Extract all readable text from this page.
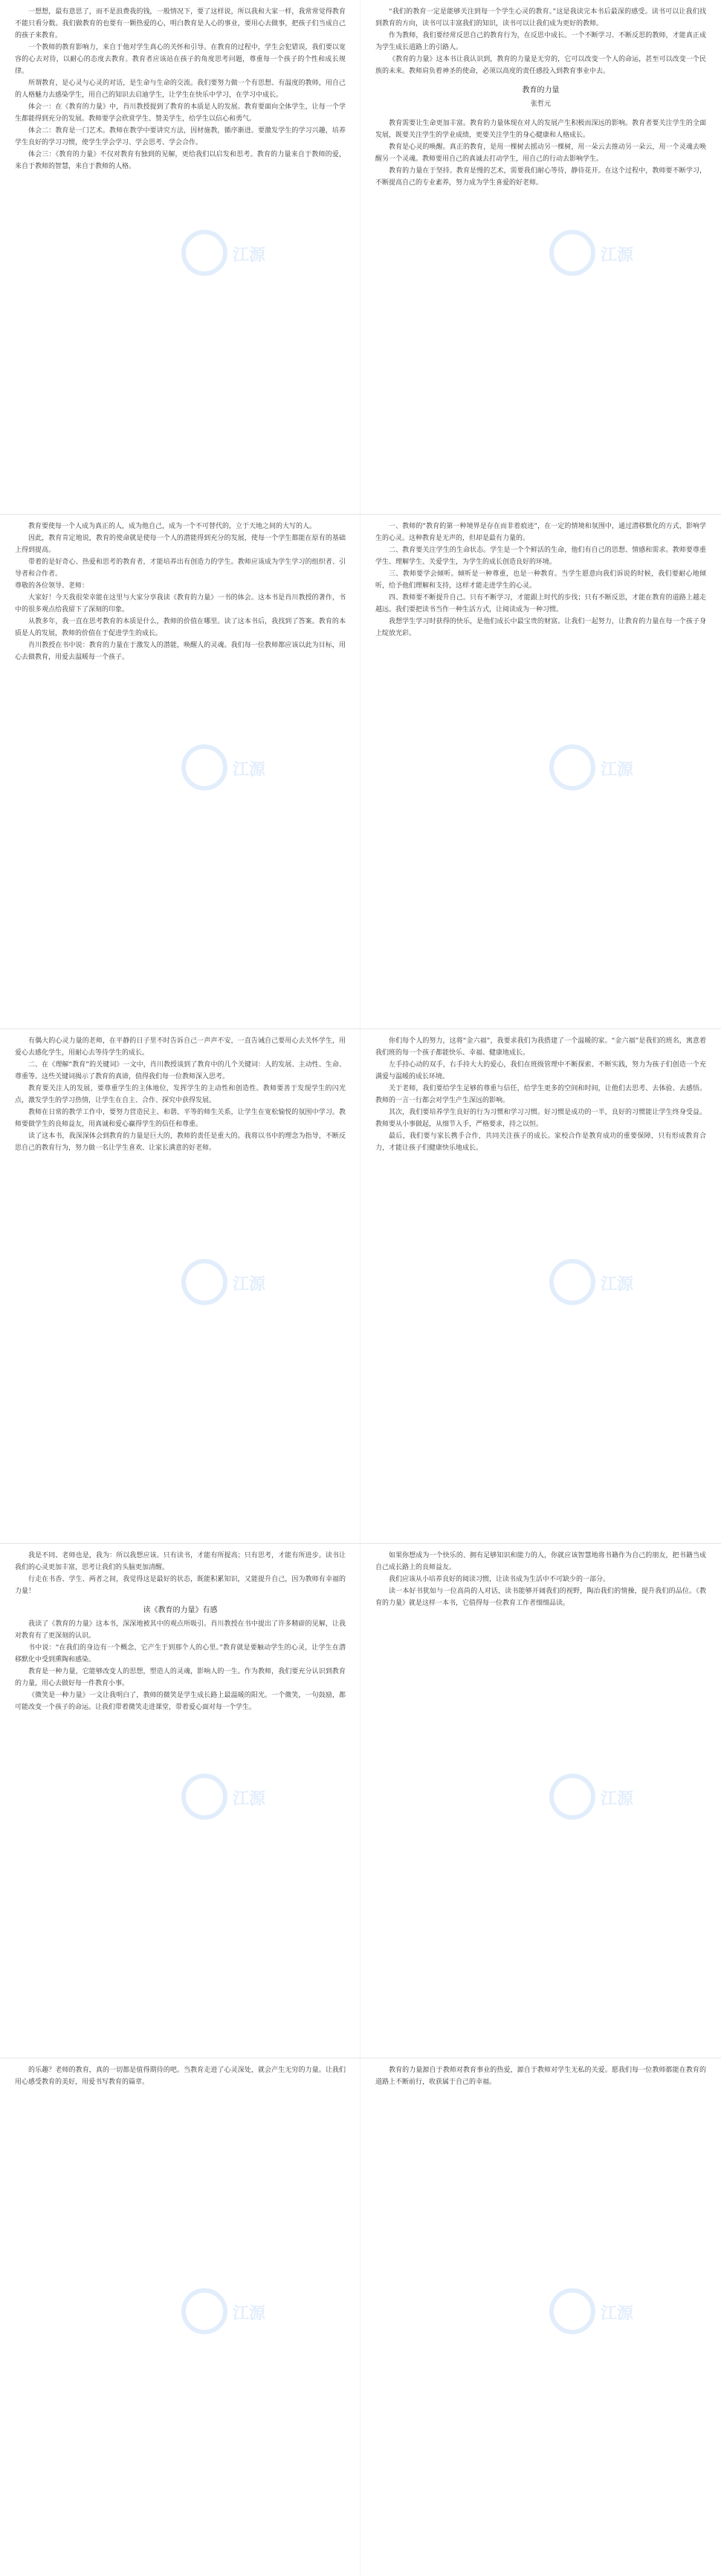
一想想，最有意思了，而不是浪费我的钱，一般情况下，要了这样说，所以我和大家一样，我常常觉得教育不能只看分数。我们做教育的也要有一颗热爱的心，明白教育是人心的事业，要用心去做事，把孩子们当成自己的孩子来教育。

一个教师的教育影响力，来自于他对学生真心的关怀和引导。在教育的过程中，学生会犯错误，我们要以宽容的心去对待，以耐心的态度去教育。教育者应该站在孩子的角度思考问题，尊重每一个孩子的个性和成长规律。

所谓教育，是心灵与心灵的对话，是生命与生命的交流。我们要努力做一个有思想、有温度的教师，用自己的人格魅力去感染学生，用自己的知识去启迪学生，让学生在快乐中学习，在学习中成长。

体会一：在《教育的力量》中，肖川教授提到了教育的本质是人的发展。教育要面向全体学生，让每一个学生都能得到充分的发展。教师要学会欣赏学生、赞美学生，给学生以信心和勇气。

体会二：教育是一门艺术。教师在教学中要讲究方法，因材施教，循序渐进。要激发学生的学习兴趣，培养学生良好的学习习惯，使学生学会学习、学会思考、学会合作。

体会三：《教育的力量》不仅对教育有独到的见解，更给我们以启发和思考。教育的力量来自于教师的爱，来自于教师的智慧，来自于教师的人格。

“我们的教育一定是能够关注到每一个学生心灵的教育。”这是我读完本书后最深的感受。读书可以让我们找到教育的方向，读书可以丰富我们的知识，读书可以让我们成为更好的教师。

作为教师，我们要经常反思自己的教育行为，在反思中成长。一个不断学习、不断反思的教师，才能真正成为学生成长道路上的引路人。

《教育的力量》这本书让我认识到，教育的力量是无穷的，它可以改变一个人的命运，甚至可以改变一个民族的未来。教师肩负着神圣的使命，必须以高度的责任感投入到教育事业中去。

教育的力量

张哲元

教育需要让生命更加丰富。教育的力量体现在对人的发展产生积极而深远的影响。教育者要关注学生的全面发展，既要关注学生的学业成绩，更要关注学生的身心健康和人格成长。

教育是心灵的唤醒。真正的教育，是用一棵树去摇动另一棵树，用一朵云去推动另一朵云，用一个灵魂去唤醒另一个灵魂。教师要用自己的真诚去打动学生，用自己的行动去影响学生。

教育的力量在于坚持。教育是慢的艺术，需要我们耐心等待，静待花开。在这个过程中，教师要不断学习，不断提高自己的专业素养，努力成为学生喜爱的好老师。

江源	江源

教育要使每一个人成为真正的人，成为他自己，成为一个不可替代的，立于天地之间的大写的人。

因此，教育肯定地说，教育的使命就是使每一个人的潜能得到充分的发展，使每一个学生都能在原有的基础上得到提高。

带着的是好奇心、热爱和思考的教育者，才能培养出有创造力的学生。教师应该成为学生学习的组织者、引导者和合作者。

尊敬的各位领导、老师：

大家好！今天我很荣幸能在这里与大家分享我读《教育的力量》一书的体会。这本书是肖川教授的著作，书中的很多观点给我留下了深刻的印象。

从教多年，我一直在思考教育的本质是什么，教师的价值在哪里。读了这本书后，我找到了答案。教育的本质是人的发展，教师的价值在于促进学生的成长。

肖川教授在书中说：教育的力量在于激发人的潜能，唤醒人的灵魂。我们每一位教师都应该以此为目标，用心去做教育，用爱去温暖每一个孩子。

一、教师的“教育的第一种境界是存在而非着痕迹”，在一定的情境和氛围中，通过潜移默化的方式，影响学生的心灵。这种教育是无声的，但却是最有力量的。

二、教育要关注学生的生命状态。学生是一个个鲜活的生命，他们有自己的思想、情感和需求。教师要尊重学生、理解学生、关爱学生，为学生的成长创造良好的环境。

三、教师要学会倾听。倾听是一种尊重，也是一种教育。当学生愿意向我们诉说的时候，我们要耐心地倾听，给予他们理解和支持，这样才能走进学生的心灵。

四、教师要不断提升自己。只有不断学习，才能跟上时代的步伐；只有不断反思，才能在教育的道路上越走越远。我们要把读书当作一种生活方式，让阅读成为一种习惯。

我想学生学习时获得的快乐，是他们成长中最宝贵的财富。让我们一起努力，让教育的力量在每一个孩子身上绽放光彩。

江源	江源

有偶大的心灵力量的老师，在平静的日子里不时告诉自己一声声不安，一直告诫自己要用心去关怀学生，用爱心去感化学生，用耐心去等待学生的成长。

二、在《理解“教育”的关键词》一文中，肖川教授谈到了教育中的几个关键词：人的发展、主动性、生命、尊重等。这些关键词揭示了教育的真谛，值得我们每一位教师深入思考。

教育要关注人的发展，要尊重学生的主体地位，发挥学生的主动性和创造性。教师要善于发现学生的闪光点，激发学生的学习热情，让学生在自主、合作、探究中获得发展。

教师在日常的教学工作中，要努力营造民主、和谐、平等的师生关系，让学生在宽松愉悦的氛围中学习。教师要做学生的良师益友，用真诚和爱心赢得学生的信任和尊重。

读了这本书，我深深体会到教育的力量是巨大的，教师的责任是重大的。我将以书中的理念为指导，不断反思自己的教育行为，努力做一名让学生喜欢、让家长满意的好老师。

你们每个人的努力，这将“金六福”，我要求我们为我搭建了一个温暖的家。“金六福”是我们的班名，寓意着我们班的每一个孩子都能快乐、幸福、健康地成长。

左手持心动的双手，右手持大大的爱心，我们在班级管理中不断探索、不断实践，努力为孩子们创造一个充满爱与温暖的成长环境。

关于老师，我们要给学生足够的尊重与信任，给学生更多的空间和时间，让他们去思考、去体验、去感悟。教师的一言一行都会对学生产生深远的影响。

其次，我们要培养学生良好的行为习惯和学习习惯。好习惯是成功的一半，良好的习惯能让学生终身受益。教师要从小事做起，从细节入手，严格要求，持之以恒。

最后，我们要与家长携手合作，共同关注孩子的成长。家校合作是教育成功的重要保障，只有形成教育合力，才能让孩子们健康快乐地成长。

江源	江源

我是不同、老师也是，我为：所以我想应该。只有读书，才能有所提高；只有思考，才能有所进步。读书让我们的心灵更加丰富，思考让我们的头脑更加清醒。

行走在书香、学生、两者之间，我觉得这是最好的状态，既能积累知识，又能提升自己，因为教师有幸福的力量！

读《教育的力量》有感

我读了《教育的力量》这本书，深深地被其中的观点所吸引。肖川教授在书中提出了许多精辟的见解，让我对教育有了更深刻的认识。

书中说：“在我们的身边有一个概念，它产生于到那个人的心里。”教育就是要触动学生的心灵，让学生在潜移默化中受到熏陶和感染。

教育是一种力量，它能够改变人的思想，塑造人的灵魂，影响人的一生。作为教师，我们要充分认识到教育的力量，用心去做好每一件教育小事。

《微笑是一种力量》一文让我明白了，教师的微笑是学生成长路上最温暖的阳光。一个微笑，一句鼓励，都可能改变一个孩子的命运。让我们带着微笑走进课堂，带着爱心面对每一个学生。

如果你想成为一个快乐的、拥有足够知识和能力的人，你就应该智慧地将书籍作为自己的朋友，把书籍当成自己成长路上的良师益友。

我们应该从小培养良好的阅读习惯，让读书成为生活中不可缺少的一部分。

读一本好书犹如与一位高尚的人对话，读书能够开阔我们的视野，陶冶我们的情操，提升我们的品位。《教育的力量》就是这样一本书，它值得每一位教育工作者细细品读。

江源	江源

的乐趣？老师的教育，真的一切都是值得期待的吧。当教育走进了心灵深处，就会产生无穷的力量。让我们用心感受教育的美好，用爱书写教育的篇章。

教育的力量源自于教师对教育事业的热爱，源自于教师对学生无私的关爱。愿我们每一位教师都能在教育的道路上不断前行，收获属于自己的幸福。

江源	江源
